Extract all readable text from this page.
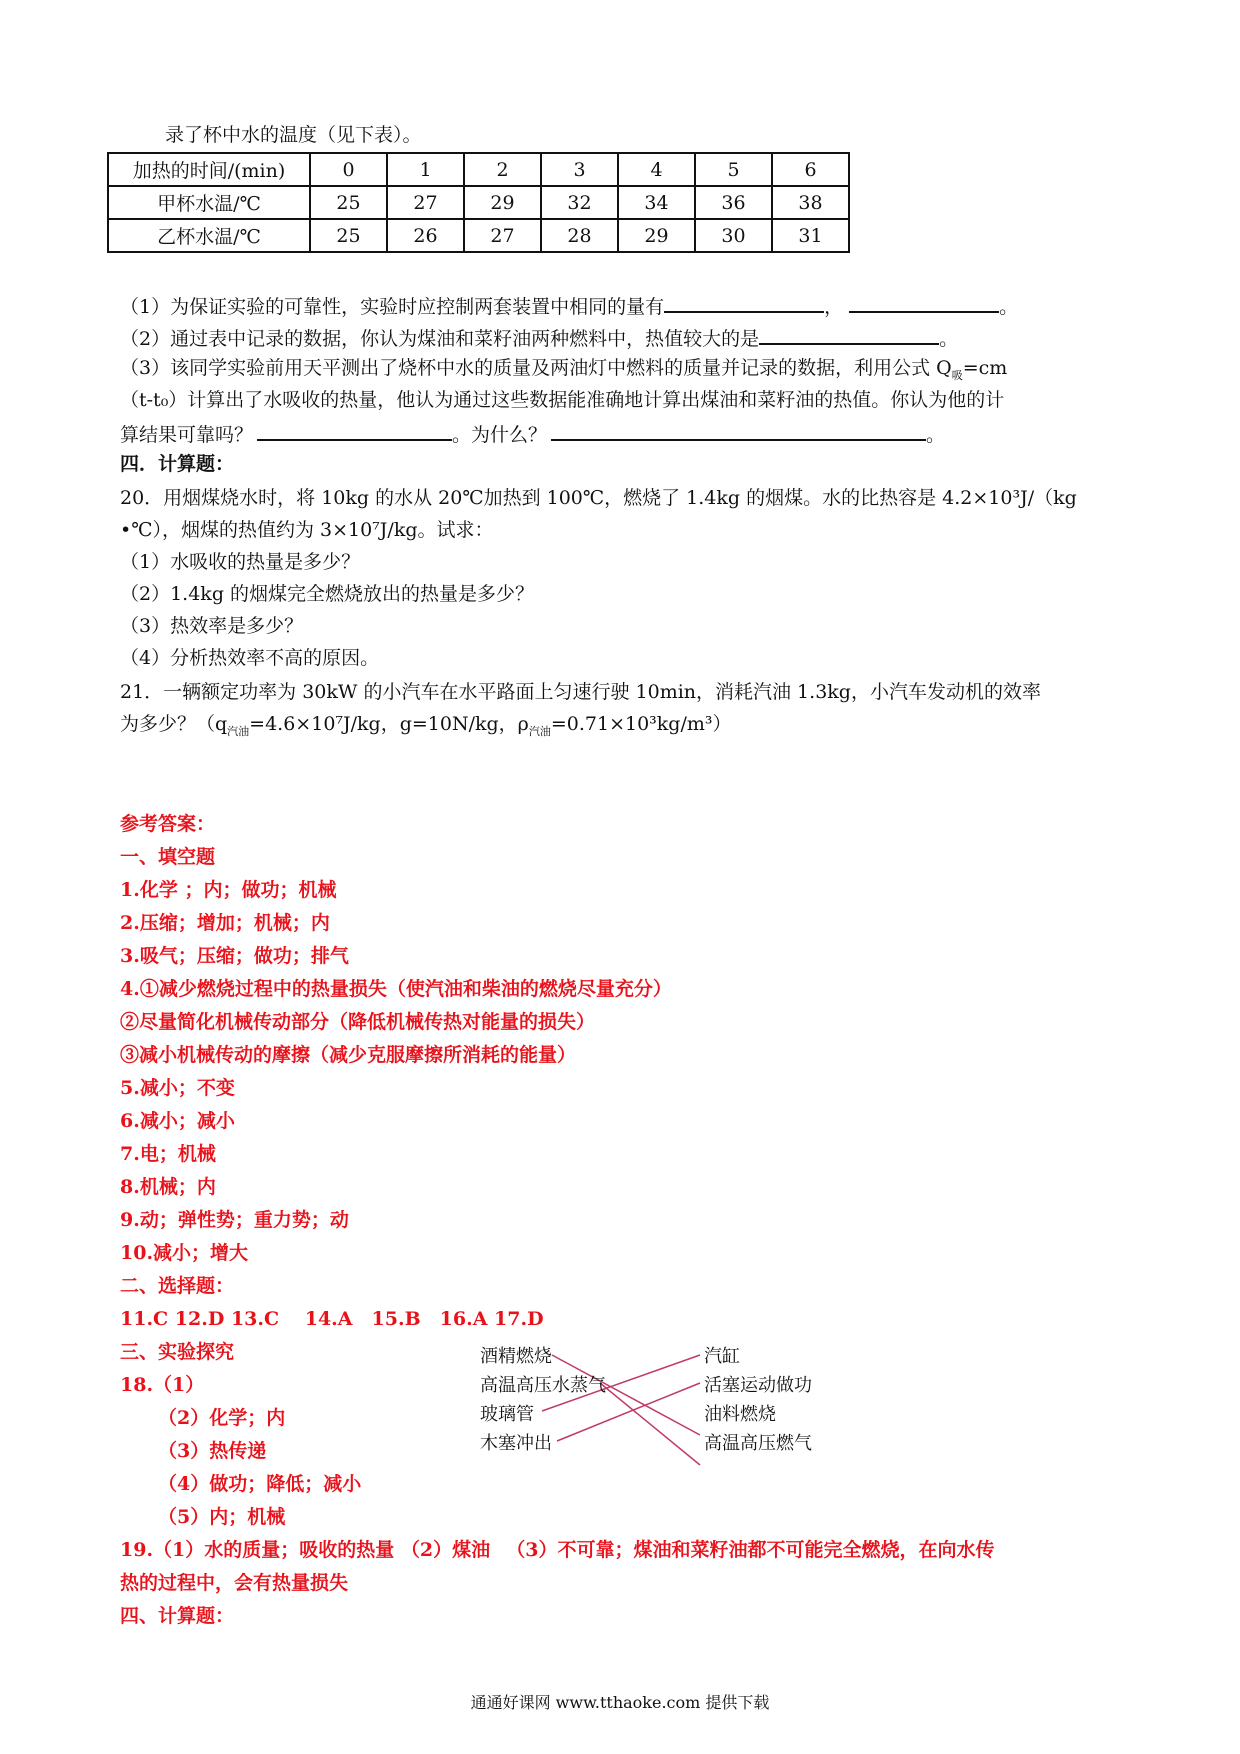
录了杯中水的温度（见下表）。
加热的时间/(min)	0	1	2	3	4	5	6
甲杯水温/℃	25	27	29	32	34	36	38
乙杯水温/℃	25	26	27	28	29	30	31
（1）为保证实验的可靠性，实验时应控制两套装置中相同的量有	，	。
（2）通过表中记录的数据，你认为煤油和菜籽油两种燃料中，热值较大的是	。
（3）该同学实验前用天平测出了烧杯中水的质量及两油灯中燃料的质量并记录的数据，利用公式 $Q_吸=cm$
（t-t₀）计算出了水吸收的热量，他认为通过这些数据能准确地计算出煤油和菜籽油的热值。你认为他的计
算结果可靠吗？	。为什么？	。
四．计算题：
20．用烟煤烧水时，将 10kg 的水从 20℃加热到 100℃，燃烧了 1.4kg 的烟煤。水的比热容是 4.2×10³J/（kg
•℃），烟煤的热值约为 3×10⁷J/kg。试求：
（1）水吸收的热量是多少？
（2）1.4kg 的烟煤完全燃烧放出的热量是多少？
（3）热效率是多少？
（4）分析热效率不高的原因。
21．一辆额定功率为 30kW 的小汽车在水平路面上匀速行驶 10min，消耗汽油 1.3kg，小汽车发动机的效率
为多少？（$q_{汽油}=4.6\times 10^7J/kg$，g=10N/kg，$\rho_{汽油}=0.71\times 10^3kg/m^3$）
参考答案：
一、填空题
1.化学 ；内；做功；机械
2.压缩；增加；机械；内
3.吸气；压缩；做功；排气
4.①减少燃烧过程中的热量损失（使汽油和柴油的燃烧尽量充分）
②尽量简化机械传动部分（降低机械传热对能量的损失）
③减小机械传动的摩擦（减少克服摩擦所消耗的能量）
5.减小；不变
6.减小；减小
7.电；机械
8.机械；内
9.动；弹性势；重力势；动
10.减小；增大
二、选择题：
11.C 12.D 13.C 　14.A　15.B　16.A 17.D
三、实验探究
18.（1）
（2）化学；内
（3）热传递
（4）做功；降低；减小
（5）内；机械
19.（1）水的质量；吸收的热量 （2）煤油 　（3）不可靠；煤油和菜籽油都不可能完全燃烧，在向水传
热的过程中，会有热量损失
四、计算题：
酒精燃烧
高温高压水蒸气
玻璃管
木塞冲出
汽缸
活塞运动做功
油料燃烧
高温高压燃气
通通好课网 www.tthaoke.com 提供下载
